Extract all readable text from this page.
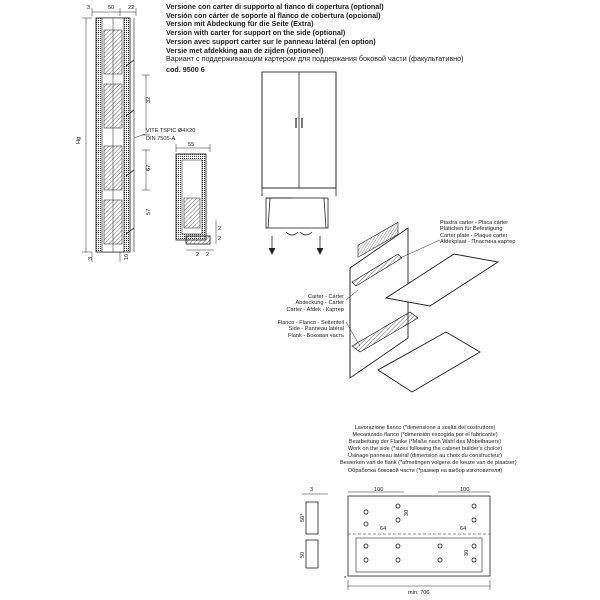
Versione con carter di supporto al fianco di copertura (optional)
Versión con cárter de soporte al flanco de cobertura (opcional)
Version mit Abdeckung für die Seite (Extra)
Version with carter for support on the side (optional)
Version avec support carter sur le panneau latéral (en option)
Versie met afdekking aan de zijden (optioneel)
Вариант с поддерживающим картером для поддержания боковой части (факультативно)
cod. 9500 6
3	50 22
Hg
32
67
57
3	10
VITE TSPIC Ø4X20
DIN 7505-A
55
2 2
2
2
3
50*
50
100	100
64	64
30
30
min. 706
*
Piastra carter - Placa cárter
Plättchen für Befestigung
Carter plate - Plaque carter
Afdekplaat - Пластина картер
Carter - Cárter
Abdeckung - Carter
Carter - Afdek - Картер
Fianco - Flanco - Seitenteil
Side - Panneau latéral
Flank - Боковая часть
Lavorazione fianco (*dimensione a scelta del costruttore)
Mecanizado flanco (*dimensión escogida por el fabricante)
Bearbeitung der Flanke (*Maße nach Wahl des Möbelbauers)
Work on the side (*sizes following the cabinet builder's choice)
Usinage panneau latéral (dimension au choix du constructeur)
Bewerken van de flank (*afmetingen volgens de keuze van de plaatser)
Обработка боковой части (*размер на выбор изготовителя)
